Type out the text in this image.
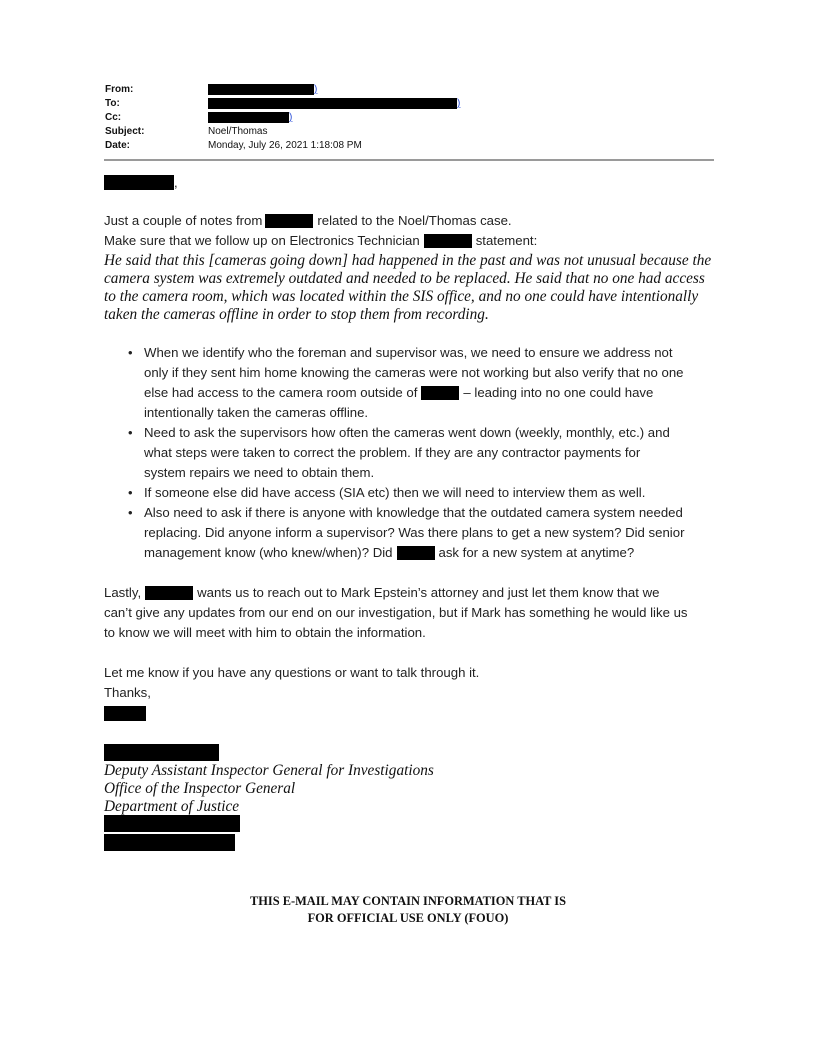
From:	)
To:	)
Cc:	)
Subject:	Noel/Thomas
Date:	Monday, July 26, 2021 1:18:08 PM
,
Just a couple of notes from	related to the Noel/Thomas case.
Make sure that we follow up on Electronics Technician	statement:
He said that this [cameras going down] had happened in the past and was not unusual because the camera system was extremely outdated and needed to be replaced. He said that no one had access to the camera room, which was located within the SIS office, and no one could have intentionally taken the cameras offline in order to stop them from recording.
• When we identify who the foreman and supervisor was, we need to ensure we address not
only if they sent him home knowing the cameras were not working but also verify that no one
else had access to the camera room outside of	– leading into no one could have
intentionally taken the cameras offline.
• Need to ask the supervisors how often the cameras went down (weekly, monthly, etc.) and
what steps were taken to correct the problem. If they are any contractor payments for
system repairs we need to obtain them.
• If someone else did have access (SIA etc) then we will need to interview them as well.
• Also need to ask if there is anyone with knowledge that the outdated camera system needed
replacing. Did anyone inform a supervisor? Was there plans to get a new system? Did senior
management know (who knew/when)? Did	ask for a new system at anytime?
Lastly,	wants us to reach out to Mark Epstein’s attorney and just let them know that we
can’t give any updates from our end on our investigation, but if Mark has something he would like us
to know we will meet with him to obtain the information.
Let me know if you have any questions or want to talk through it.
Thanks,
Deputy Assistant Inspector General for Investigations
Office of the Inspector General
Department of Justice
THIS E-MAIL MAY CONTAIN INFORMATION THAT IS
FOR OFFICIAL USE ONLY (FOUO)
